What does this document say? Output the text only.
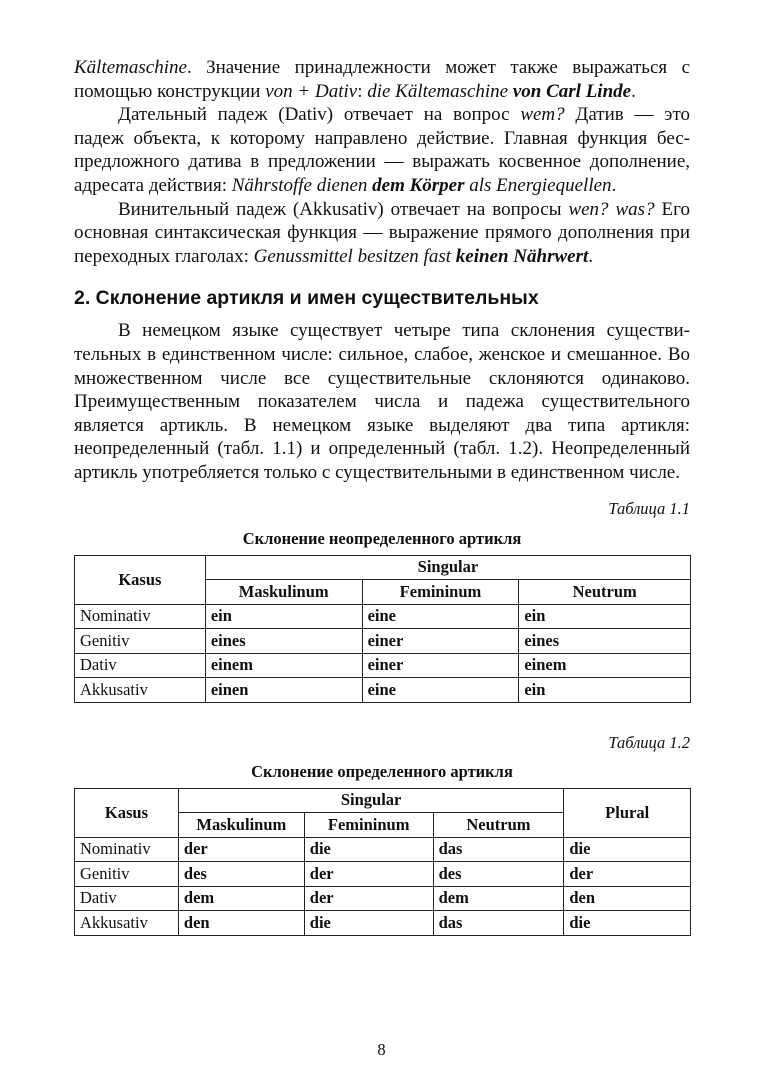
Kältemaschine. Значение принадлежности может также выражаться с помощью конструкции von + Dativ: die Kältemaschine von Carl Linde.

Дательный падеж (Dativ) отвечает на вопрос wem? Датив — это падеж объекта, к которому направлено действие. Главная функция беспредложного датива в предложении — выражать косвенное дополнение, адресата действия: Nährstoffe dienen dem Körper als Energiequellen.

Винительный падеж (Akkusativ) отвечает на вопросы wen? was? Его основная синтаксическая функция — выражение прямого дополнения при переходных глаголах: Genussmittel besitzen fast keinen Nährwert.

2. Склонение артикля и имен существительных

В немецком языке существует четыре типа склонения существительных в единственном числе: сильное, слабое, женское и смешанное. Во множественном числе все существительные склоняются одинаково. Преимущественным показателем числа и падежа существительного является артикль. В немецком языке выделяют два типа артикля: неопределенный (табл. 1.1) и определенный (табл. 1.2). Неопределенный артикль употребляется только с существительными в единственном числе.

Таблица 1.1
Склонение неопределенного артикля
Kasus	Singular		
	Maskulinum	Femininum	Neutrum
Nominativ	ein	eine	ein
Genitiv	eines	einer	eines
Dativ	einem	einer	einem
Akkusativ	einen	eine	ein
Таблица 1.2
Склонение определенного артикля
Kasus	Singular			Plural
	Maskulinum	Femininum	Neutrum	
Nominativ	der	die	das	die
Genitiv	des	der	des	der
Dativ	dem	der	dem	den
Akkusativ	den	die	das	die
8
